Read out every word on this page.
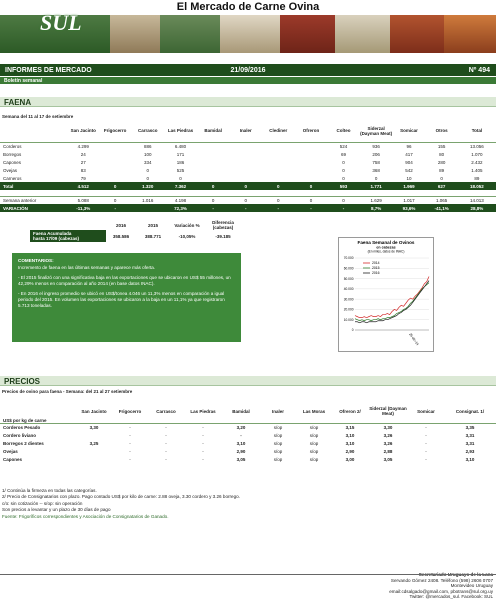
El Mercado de Carne Ovina
SUL
INFORMES DE MERCADO	21/09/2016	Nº 494
Boletín semanal
FAENA
Semana del 11 al 17 de setiembre
	San Jacinto	Frigocerro	Carrasco	Las Piedras	Bamidal	Inaler	Clediner	Ofreron	Colteo	Siderzal (Dayman Meat)	Somicar	Otros	Total
Corderos	4.299		886	6.480					524	936	96	155	13.056
Borregos	24		100	171					69	206	417	80	1.070
Capones	27		334	186					0	758	904	280	2.432
Ovejas	83		0	525					0	368	542	89	1.405
Carneros	79		0	0					0	0	10	0	89
Total	4.512	0	1.320	7.362	0	0	0	0	593	1.771	1.969	627	18.052

Semana anterior	5.088	0	1.016	4.198	0	0	0	0	0	1.629	1.017	1.065	14.013
VARIACIÓN	-11,3%	-		72,3%	-	-	-	-	-	8,7%	93,6%	-41,1%	28,8%
	2016	2015	Variación %	Diferencia (cabezas)
Faena Acumulada
hasta 17/09 (cabezas)	358.586	388.771	-10,05%	-39.185
COMENTARIOS:

Incremento de faena en las últimas semanas y aparece más oferta.

- El 2015 finalizó con una significativa baja en las exportaciones que se ubicaron en US$ 55 millones, un 42,29% menos en comparación al año 2014 (en base datos INAC).

- En 2016 el ingreso promedio se ubicó en US$/tonea 4.046 un 11,3% menos en comparación a igual periodo del 2015. En volumen las exportaciones se ubicaron a la baja en un 11,1% ya que registraron 5.713 toneladas.

Faena Semanal de Ovinos
en cabezas
(En miles, datos de INAC)
70.000
60.000
50.000
40.000
30.000
20.000
10.000
0
2014
2015
2016
25-dic-14
PRECIOS
Precios de ovino para faena - Semana: del 21 al 27 setiembre
US$ por kg de carne	San Jacinto	Frigocerro	Carrasco	Las Piedras	Bamidal	Inaler	Las Moras	Ofreron 2/	Siderzal (Dayman Meat)	Somicar	Consignat. 1/
Corderos Pesado	3,30	-	-	-	3,20	s/op	s/op	3,15	3,30	-	3,35
Cordero liviano		-	-	-	-	s/op	s/op	3,10	3,26	-	3,31
Borregos 2 dientes	3,25	-	-	-	3,10	s/op	s/op	3,10	3,26	-	3,31
Ovejas		-	-	-	2,90	s/op	s/op	2,90	2,88	-	2,93
Capones		-	-	-	3,05	s/op	s/op	3,00	3,05	-	3,10
1/ Continúa la firmeza en todas las categorías.
2/ Precio de Consignatarios con plazo. Pago contado US$ por kilo de carne: 2.88 oveja, 3.30 cordero y 3.26 borrego.
c/o: sin cotización -- s/op: sin operación
Son precios a levantar y un plazo de 30 días de pago
Fuente: Frigoríficos correspondientes y Asociación de Consignatarios de Ganado.
Servando Gómez 2408. Teléfono (598) 2606 0707
Montevideo Uruguay
email:cdsalgado@gmail.com, pbotrans@sul.org.uy
Twitter: @mercados_sul. Facebook: SUL
